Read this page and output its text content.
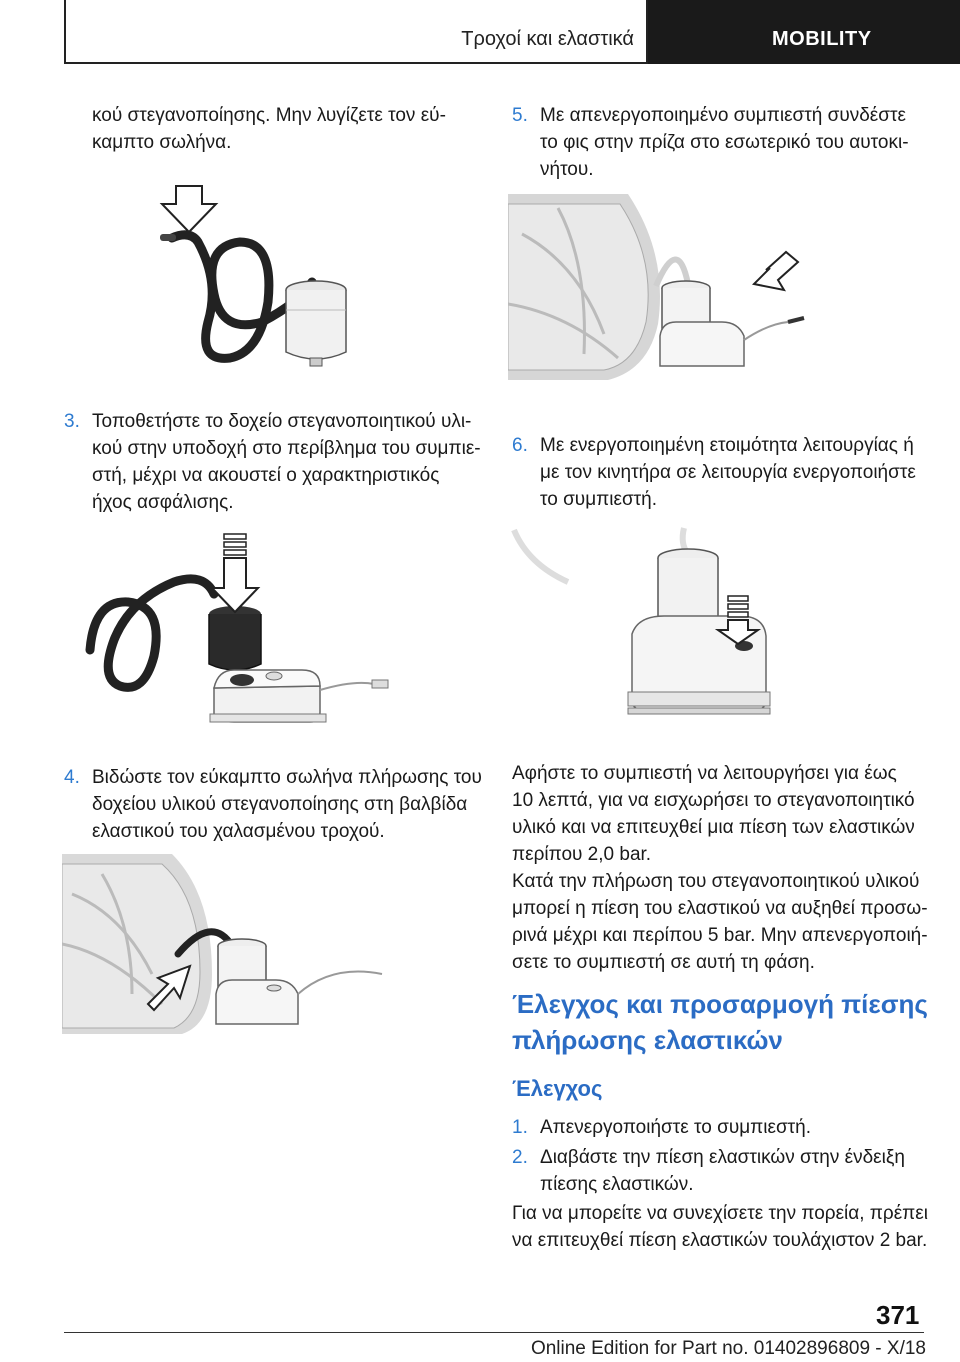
Τροχοί και ελαστικά	MOBILITY

κού στεγανοποίησης. Μην λυγίζετε τον εύ-
καμπτο σωλήνα.

3. Τοποθετήστε το δοχείο στεγανοποιητικού υλι-
κού στην υποδοχή στο περίβλημα του συμπιε-
στή, μέχρι να ακουστεί ο χαρακτηριστικός
ήχος ασφάλισης.
4. Βιδώστε τον εύκαμπτο σωλήνα πλήρωσης του
δοχείου υλικού στεγανοποίησης στη βαλβίδα
ελαστικού του χαλασμένου τροχού.
5. Με απενεργοποιημένο συμπιεστή συνδέστε
το φις στην πρίζα στο εσωτερικό του αυτοκι-
νήτου.
6. Με ενεργοποιημένη ετοιμότητα λειτουργίας ή
με τον κινητήρα σε λειτουργία ενεργοποιήστε
το συμπιεστή.

Αφήστε το συμπιεστή να λειτουργήσει για έως
10 λεπτά, για να εισχωρήσει το στεγανοποιητικό
υλικό και να επιτευχθεί μια πίεση των ελαστικών
περίπου 2,0 bar.

Κατά την πλήρωση του στεγανοποιητικού υλικού
μπορεί η πίεση του ελαστικού να αυξηθεί προσω-
ρινά μέχρι και περίπου 5 bar. Μην απενεργοποιή-
σετε το συμπιεστή σε αυτή τη φάση.

Έλεγχος και προσαρμογή πίεσης
πλήρωσης ελαστικών
Έλεγχος
1. Απενεργοποιήστε το συμπιεστή.
2. Διαβάστε την πίεση ελαστικών στην ένδειξη
πίεσης ελαστικών.

Για να μπορείτε να συνεχίσετε την πορεία, πρέπει
να επιτευχθεί πίεση ελαστικών τουλάχιστον 2 bar.

371
Online Edition for Part no. 01402896809 - X/18
